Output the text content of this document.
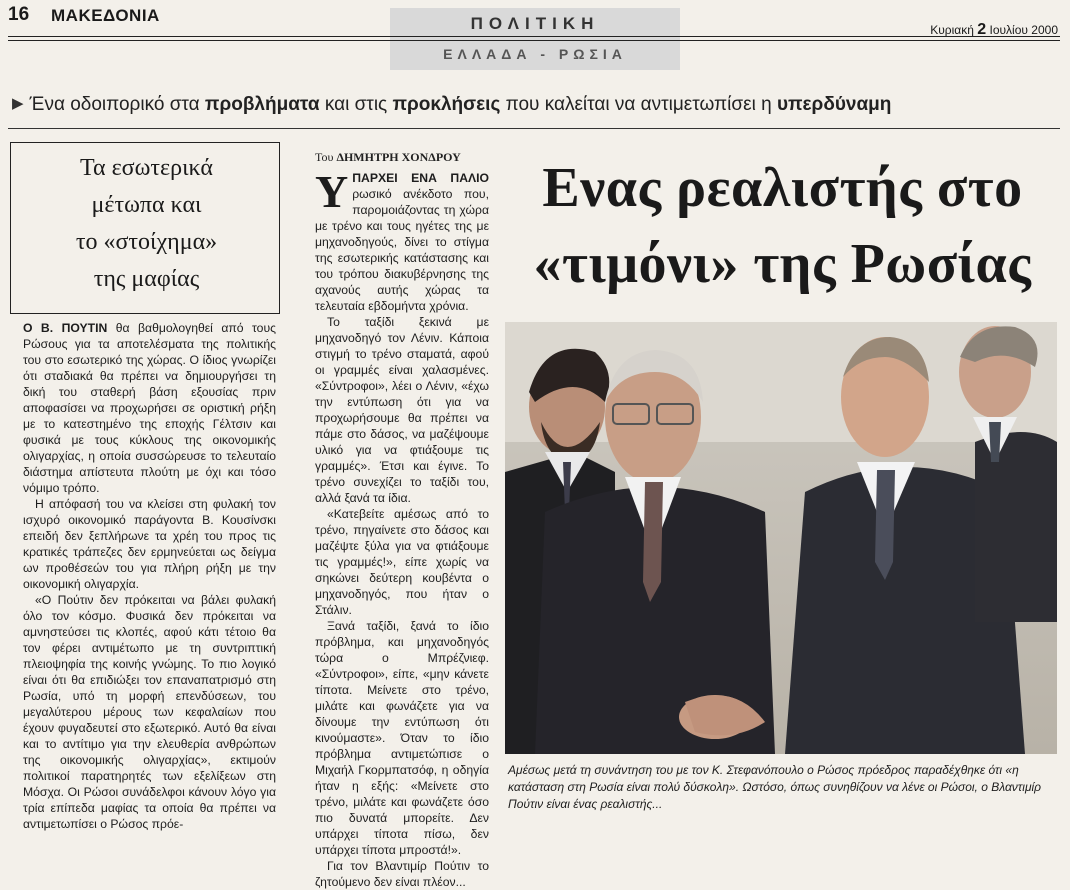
16 ΜΑΚΕΔΟΝΙΑ	ΠΟΛΙΤΙΚΗ
ΕΛΛΑΔΑ - ΡΩΣΙΑ
Κυριακή 2 Ιουλίου 2000
▶ Ένα οδοιπορικό στα προβλήματα και στις προκλήσεις που καλείται να αντιμετωπίσει η υπερδύναμη
Τα εσωτερικά
μέτωπα και
το «στοίχημα»
της μαφίας

Ο Β. ΠΟΥΤΙΝ θα βαθμολογηθεί από τους Ρώσους για τα αποτελέσματα της πολιτικής του στο εσωτερικό της χώρας. Ο ίδιος γνωρίζει ότι σταδιακά θα πρέπει να δημιουργήσει τη δική του σταθερή βάση εξουσίας πριν αποφασίσει να προχωρήσει σε οριστική ρήξη με το κατεστημένο της εποχής Γέλτσιν και φυσικά με τους κύκλους της οικονομικής ολιγαρχίας, η οποία συσσώρευσε το τελευταίο διάστημα απίστευτα πλούτη με όχι και τόσο νόμιμο τρόπο.

Η απόφασή του να κλείσει στη φυλακή τον ισχυρό οικονομικό παράγοντα Β. Κουσίνσκι επειδή δεν ξεπλήρωνε τα χρέη του προς τις κρατικές τράπεζες δεν ερμηνεύεται ως δείγμα ων προθέσεών του για πλήρη ρήξη με την οικονομική ολιγαρχία.

«Ο Πούτιν δεν πρόκειται να βάλει φυλακή όλο τον κόσμο. Φυσικά δεν πρόκειται να αμνηστεύσει τις κλοπές, αφού κάτι τέτοιο θα τον φέρει αντιμέτωπο με τη συντριπτική πλειοψηφία της κοινής γνώμης. Το πιο λογικό είναι ότι θα επιδιώξει τον επαναπατρισμό στη Ρωσία, υπό τη μορφή επενδύσεων, του μεγαλύτερου μέρους των κεφαλαίων που έχουν φυγαδευτεί στο εξωτερικό. Αυτό θα είναι και το αντίτιμο για την ελευθερία ανθρώπων της οικονομικής ολιγαρχίας», εκτιμούν πολιτικοί παρατηρητές των εξελίξεων στη Μόσχα. Οι Ρώσοι συνάδελφοι κάνουν λόγο για τρία επίπεδα μαφίας τα οποία θα πρέπει να αντιμετωπίσει ο Ρώσος πρόε-

Του ΔΗΜΗΤΡΗ ΧΟΝΔΡΟΥ

ΥΠΑΡΧΕΙ ΕΝΑ ΠΑΛΙΟ ρωσικό ανέκδοτο που, παρομοιάζοντας τη χώρα με τρένο και τους ηγέτες της με μηχανοδηγούς, δίνει το στίγμα της εσωτερικής κατάστασης και του τρόπου διακυβέρνησης της αχανούς αυτής χώρας τα τελευταία εβδομήντα χρόνια.

Το ταξίδι ξεκινά με μηχανοδηγό τον Λένιν. Κάποια στιγμή το τρένο σταματά, αφού οι γραμμές είναι χαλασμένες. «Σύντροφοι», λέει ο Λένιν, «έχω την εντύπωση ότι για να προχωρήσουμε θα πρέπει να πάμε στο δάσος, να μαζέψουμε υλικό για να φτιάξουμε τις γραμμές». Έτσι και έγινε. Το τρένο συνεχίζει το ταξίδι του, αλλά ξανά τα ίδια.

«Κατεβείτε αμέσως από το τρένο, πηγαίνετε στο δάσος και μαζέψτε ξύλα για να φτιάξουμε τις γραμμές!», είπε χωρίς να σηκώνει δεύτερη κουβέντα ο μηχανοδηγός, που ήταν ο Στάλιν.

Ξανά ταξίδι, ξανά το ίδιο πρόβλημα, και μηχανοδηγός τώρα ο Μπρέζνιεφ. «Σύντροφοι», είπε, «μην κάνετε τίποτα. Μείνετε στο τρένο, μιλάτε και φωνάζετε για να δίνουμε την εντύπωση ότι κινούμαστε». Όταν το ίδιο πρόβλημα αντιμετώπισε ο Μιχαήλ Γκορμπατσόφ, η οδηγία ήταν η εξής: «Μείνετε στο τρένο, μιλάτε και φωνάζετε όσο πιο δυνατά μπορείτε. Δεν υπάρχει τίποτα πίσω, δεν υπάρχει τίποτα μπροστά!».

Για τον Βλαντιμίρ Πούτιν το ζητούμενο δεν είναι πλέον...

Ενας ρεαλιστής στο
«τιμόνι» της Ρωσίας
Αμέσως μετά τη συνάντηση του με τον Κ. Στεφανόπουλο ο Ρώσος πρόεδρος παραδέχθηκε ότι «η κατάσταση στη Ρωσία είναι πολύ δύσκολη». Ωστόσο, όπως συνηθίζουν να λένε οι Ρώσοι, ο Βλαντιμίρ Πούτιν είναι ένας ρεαλιστής...
